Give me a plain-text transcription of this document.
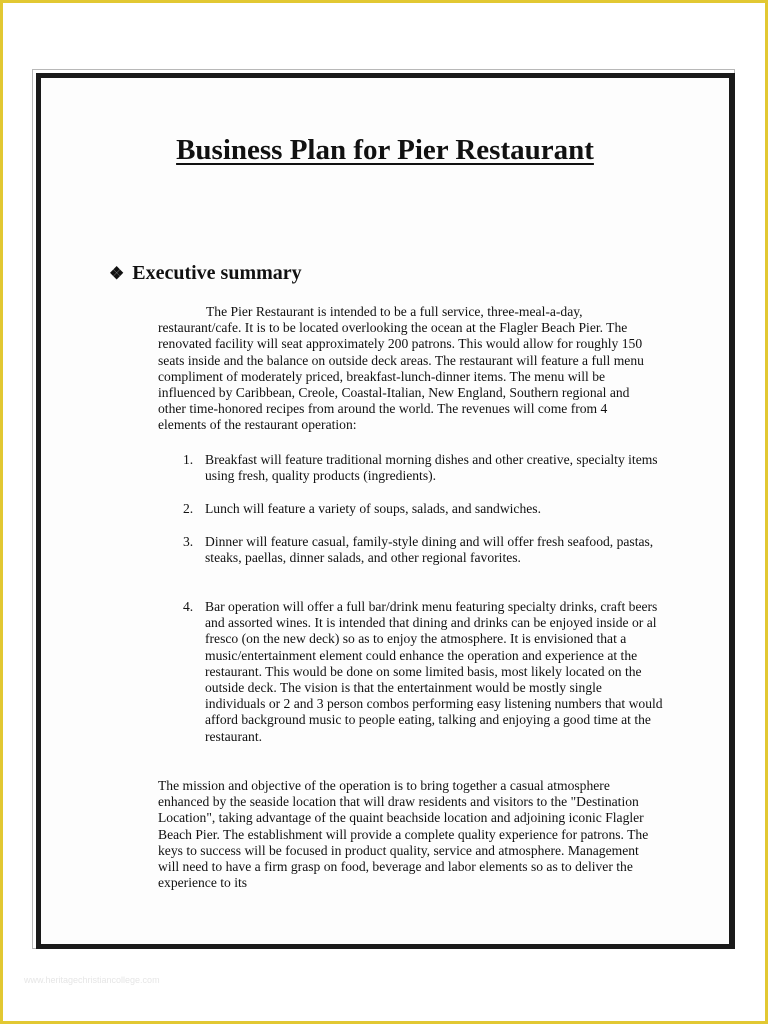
Business Plan for Pier Restaurant
❖ Executive summary

The Pier Restaurant is intended to be a full service, three-meal-a-day, restaurant/cafe. It is to be located overlooking the ocean at the Flagler Beach Pier. The renovated facility will seat approximately 200 patrons. This would allow for roughly 150 seats inside and the balance on outside deck areas. The restaurant will feature a full menu compliment of moderately priced, breakfast-lunch-dinner items. The menu will be influenced by Caribbean, Creole, Coastal-Italian, New England, Southern regional and other time-honored recipes from around the world. The revenues will come from 4 elements of the restaurant operation:

1. Breakfast will feature traditional morning dishes and other creative, specialty items using fresh, quality products (ingredients).
2. Lunch will feature a variety of soups, salads, and sandwiches.
3. Dinner will feature casual, family-style dining and will offer fresh seafood, pastas, steaks, paellas, dinner salads, and other regional favorites.
4. Bar operation will offer a full bar/drink menu featuring specialty drinks, craft beers and assorted wines. It is intended that dining and drinks can be enjoyed inside or al fresco (on the new deck) so as to enjoy the atmosphere. It is envisioned that a music/entertainment element could enhance the operation and experience at the restaurant. This would be done on some limited basis, most likely located on the outside deck. The vision is that the entertainment would be mostly single individuals or 2 and 3 person combos performing easy listening numbers that would afford background music to people eating, talking and enjoying a good time at the restaurant.

The mission and objective of the operation is to bring together a casual atmosphere enhanced by the seaside location that will draw residents and visitors to the "Destination Location", taking advantage of the quaint beachside location and adjoining iconic Flagler Beach Pier. The establishment will provide a complete quality experience for patrons. The keys to success will be focused in product quality, service and atmosphere. Management will need to have a firm grasp on food, beverage and labor elements so as to deliver the experience to its

www.heritagechristiancollege.com
